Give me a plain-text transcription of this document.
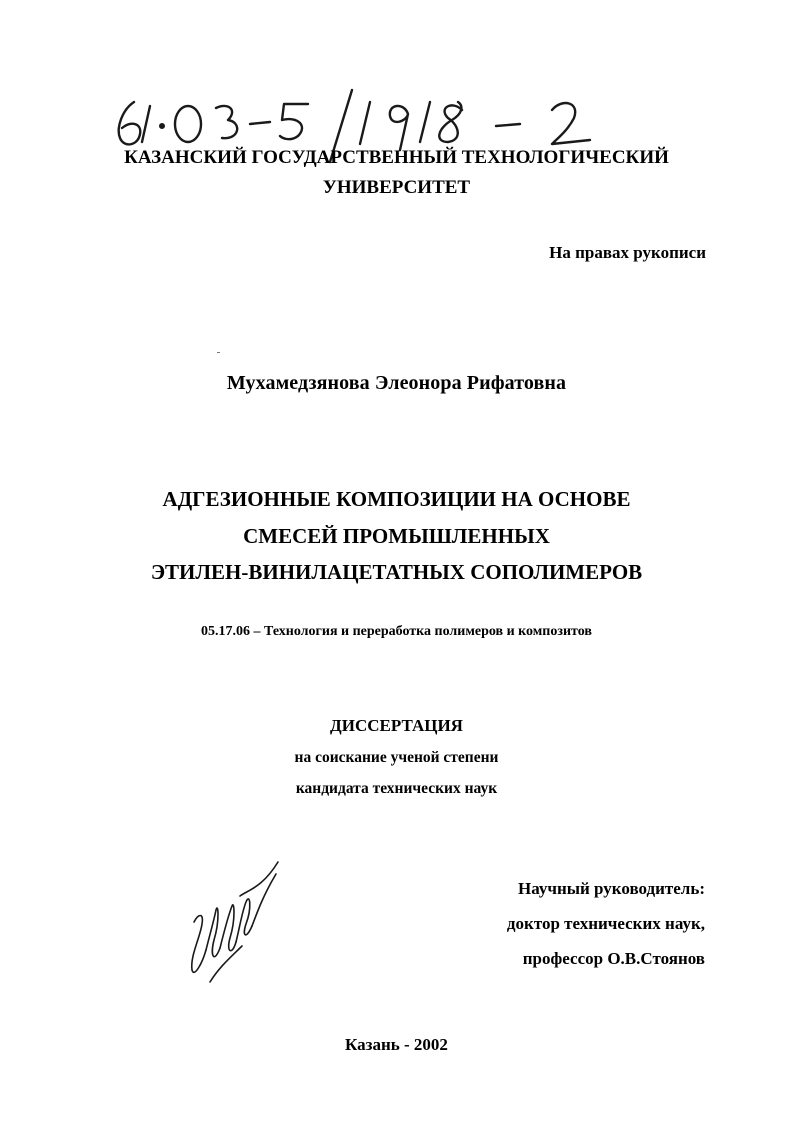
КАЗАНСКИЙ ГОСУДАРСТВЕННЫЙ ТЕХНОЛОГИЧЕСКИЙ
УНИВЕРСИТЕТ
На правах рукописи
Мухамедзянова Элеонора Рифатовна
АДГЕЗИОННЫЕ КОМПОЗИЦИИ НА ОСНОВЕ
СМЕСЕЙ ПРОМЫШЛЕННЫХ
ЭТИЛЕН-ВИНИЛАЦЕТАТНЫХ СОПОЛИМЕРОВ
05.17.06 – Технология и переработка полимеров и композитов
ДИССЕРТАЦИЯ
на соискание ученой степени
кандидата технических наук
Научный руководитель:
доктор технических наук,
профессор О.В.Стоянов
Казань - 2002
